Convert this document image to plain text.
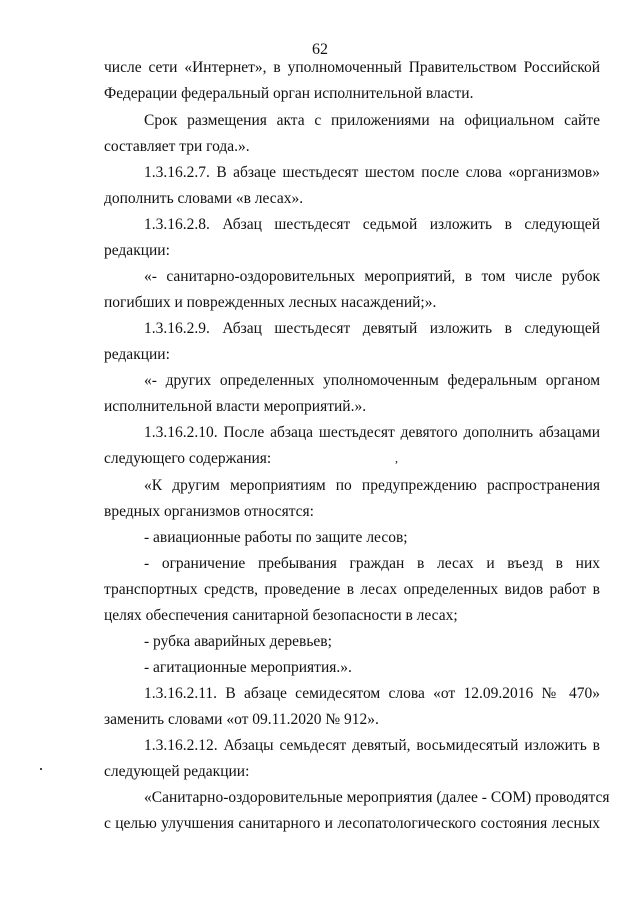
62
числе сети «Интернет», в уполномоченный Правительством Российской
Федерации федеральный орган исполнительной власти.
Срок размещения акта с приложениями на официальном сайте
составляет три года.».
1.3.16.2.7. В абзаце шестьдесят шестом после слова «организмов»
дополнить словами «в лесах».
1.3.16.2.8. Абзац шестьдесят седьмой изложить в следующей
редакции:
«- санитарно-оздоровительных мероприятий, в том числе рубок
погибших и поврежденных лесных насаждений;».
1.3.16.2.9. Абзац шестьдесят девятый изложить в следующей
редакции:
«- других определенных уполномоченным федеральным органом
исполнительной власти мероприятий.».
1.3.16.2.10. После абзаца шестьдесят девятого дополнить абзацами
следующего содержания:
«К другим мероприятиям по предупреждению распространения
вредных организмов относятся:
- авиационные работы по защите лесов;
- ограничение пребывания граждан в лесах и въезд в них
транспортных средств, проведение в лесах определенных видов работ в
целях обеспечения санитарной безопасности в лесах;
- рубка аварийных деревьев;
- агитационные мероприятия.».
1.3.16.2.11. В абзаце семидесятом слова «от 12.09.2016 № 470»
заменить словами «от 09.11.2020 № 912».
1.3.16.2.12. Абзацы семьдесят девятый, восьмидесятый изложить в
следующей редакции:
«Санитарно-оздоровительные мероприятия (далее - СОМ) проводятся
с целью улучшения санитарного и лесопатологического состояния лесных
,
